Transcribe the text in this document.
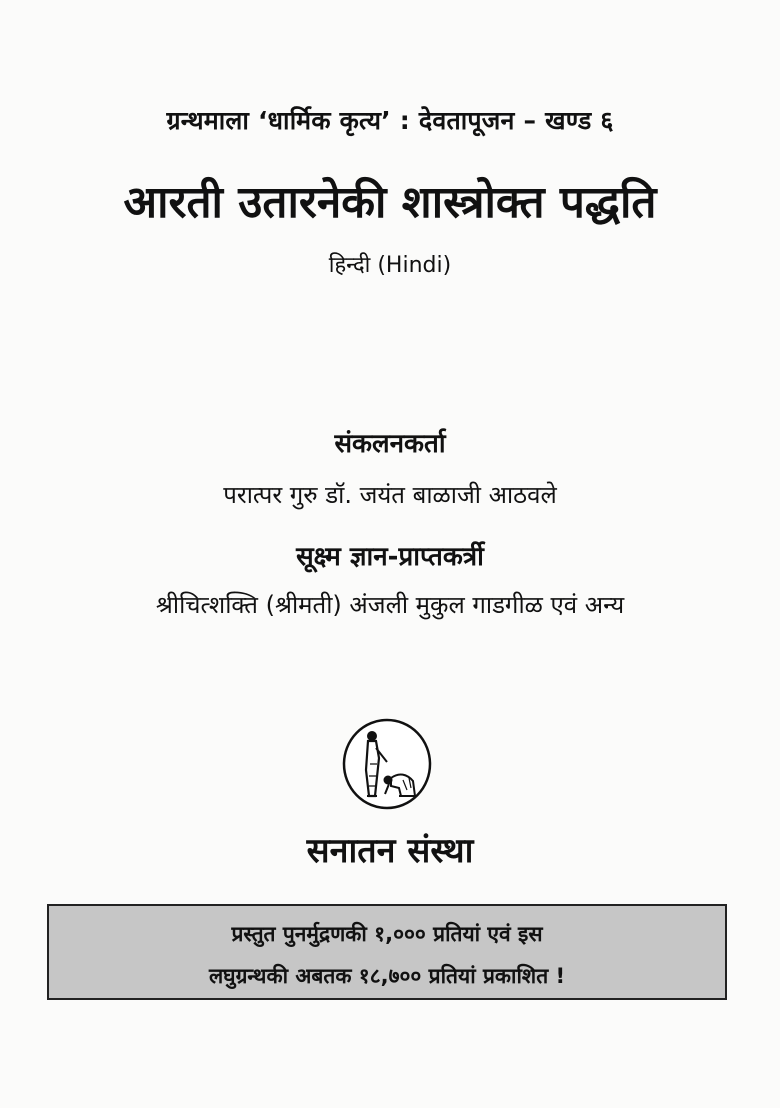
ग्रन्थमाला ‘धार्मिक कृत्य’ : देवतापूजन – खण्ड ६
आरती उतारनेकी शास्त्रोक्त पद्धति
हिन्दी (Hindi)
संकलनकर्ता
परात्पर गुरु डॉ. जयंत बाळाजी आठवले
सूक्ष्म ज्ञान-प्राप्तकर्त्री
श्रीचित्शक्ति (श्रीमती) अंजली मुकुल गाडगीळ एवं अन्य
सनातन संस्था
प्रस्तुत पुनर्मुद्रणकी १,००० प्रतियां एवं इस
लघुग्रन्थकी अबतक १८,७०० प्रतियां प्रकाशित !
